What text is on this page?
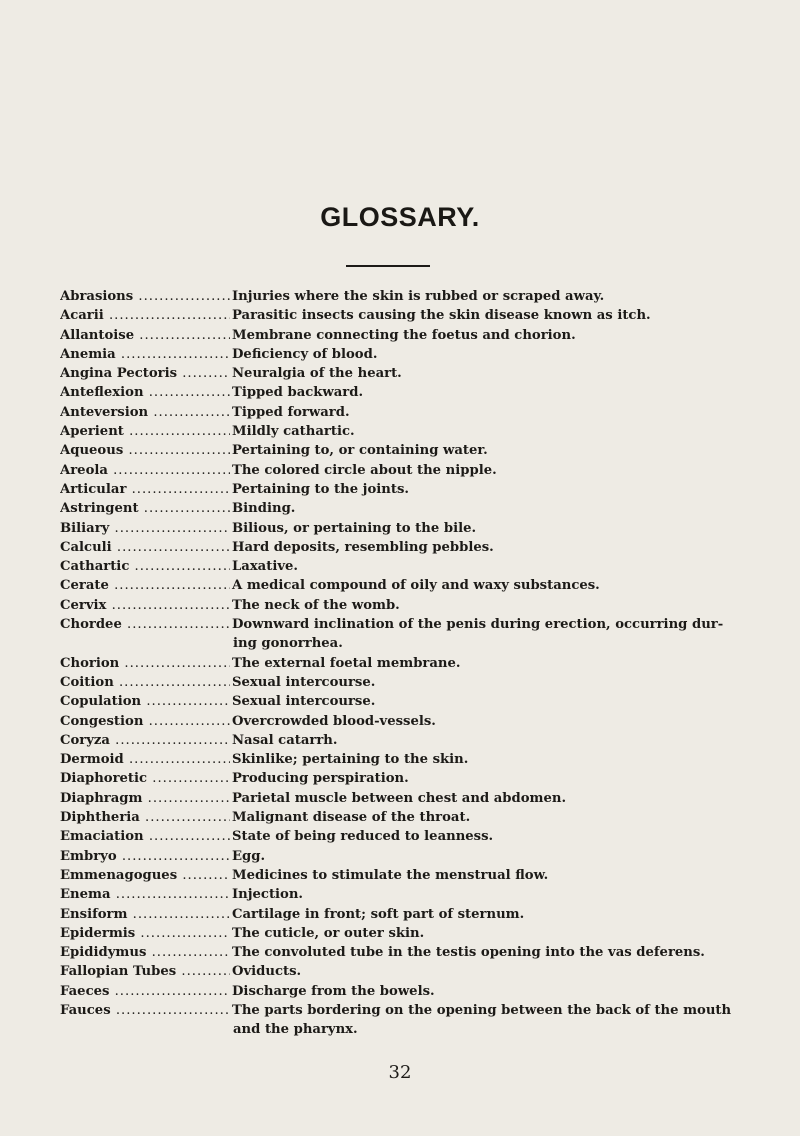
GLOSSARY.
Abrasions .....	Injuries where the skin is rubbed or scraped away.
Acarii .....	Parasitic insects causing the skin disease known as itch.
Allantoise .....	Membrane connecting the foetus and chorion.
Anemia .....	Deficiency of blood.
Angina Pectoris .....	Neuralgia of the heart.
Anteflexion .....	Tipped backward.
Anteversion .....	Tipped forward.
Aperient .....	Mildly cathartic.
Aqueous .....	Pertaining to, or containing water.
Areola .....	The colored circle about the nipple.
Articular .....	Pertaining to the joints.
Astringent .....	Binding.
Biliary .....	Bilious, or pertaining to the bile.
Calculi .....	Hard deposits, resembling pebbles.
Cathartic .....	Laxative.
Cerate .....	A medical compound of oily and waxy substances.
Cervix .....	The neck of the womb.
Chordee .....	Downward inclination of the penis during erection, occurring dur-
ing gonorrhea.
Chorion .....	The external foetal membrane.
Coition .....	Sexual intercourse.
Copulation .....	Sexual intercourse.
Congestion .....	Overcrowded blood-vessels.
Coryza .....	Nasal catarrh.
Dermoid .....	Skinlike; pertaining to the skin.
Diaphoretic .....	Producing perspiration.
Diaphragm .....	Parietal muscle between chest and abdomen.
Diphtheria .....	Malignant disease of the throat.
Emaciation .....	State of being reduced to leanness.
Embryo .....	Egg.
Emmenagogues .....	Medicines to stimulate the menstrual flow.
Enema .....	Injection.
Ensiform .....	Cartilage in front; soft part of sternum.
Epidermis .....	The cuticle, or outer skin.
Epididymus .....	The convoluted tube in the testis opening into the vas deferens.
Fallopian Tubes .....	Oviducts.
Faeces .....	Discharge from the bowels.
Fauces .....	The parts bordering on the opening between the back of the mouth
and the pharynx.
32
